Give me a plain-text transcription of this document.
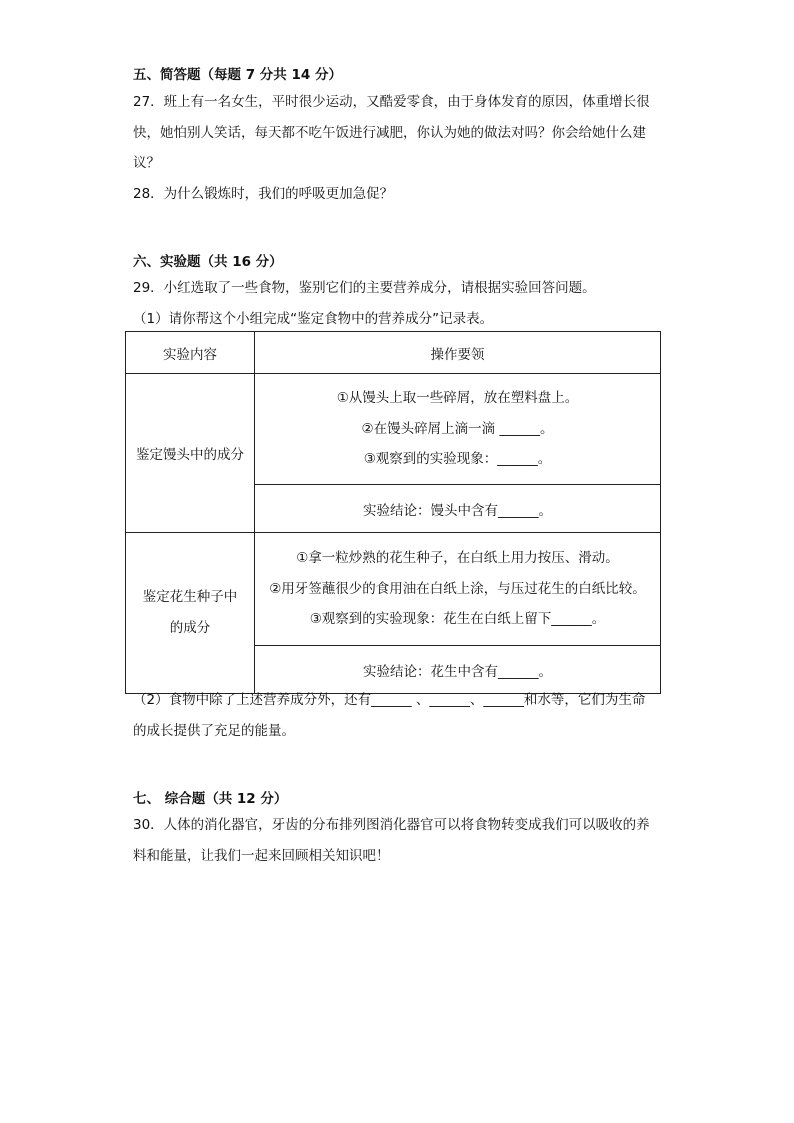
五、简答题（每题 7 分共 14 分）
27．班上有一名女生，平时很少运动，又酷爱零食，由于身体发育的原因，体重增长很
快，她怕别人笑话，每天都不吃午饭进行减肥，你认为她的做法对吗？你会给她什么建
议？
28．为什么锻炼时，我们的呼吸更加急促？
六、实验题（共 16 分）
29．小红选取了一些食物，鉴别它们的主要营养成分，请根据实验回答问题。
（1）请你帮这个小组完成“鉴定食物中的营养成分”记录表。
实验内容	操作要领
鉴定馒头中的成分	①从馒头上取一些碎屑，放在塑料盘上。
②在馒头碎屑上滴一滴 ______。
③观察到的实验现象：______。

	实验结论：馒头中含有______。

鉴定花生种子中
的成分	①拿一粒炒熟的花生种子，在白纸上用力按压、滑动。
②用牙签蘸很少的食用油在白纸上涂，与压过花生的白纸比较。
③观察到的实验现象：花生在白纸上留下______。

	实验结论：花生中含有______。
（2）食物中除了上述营养成分外，还有______ 、______、______和水等，它们为生命
的成长提供了充足的能量。
七、 综合题（共 12 分）
30．人体的消化器官，牙齿的分布排列图消化器官可以将食物转变成我们可以吸收的养
料和能量，让我们一起来回顾相关知识吧！
